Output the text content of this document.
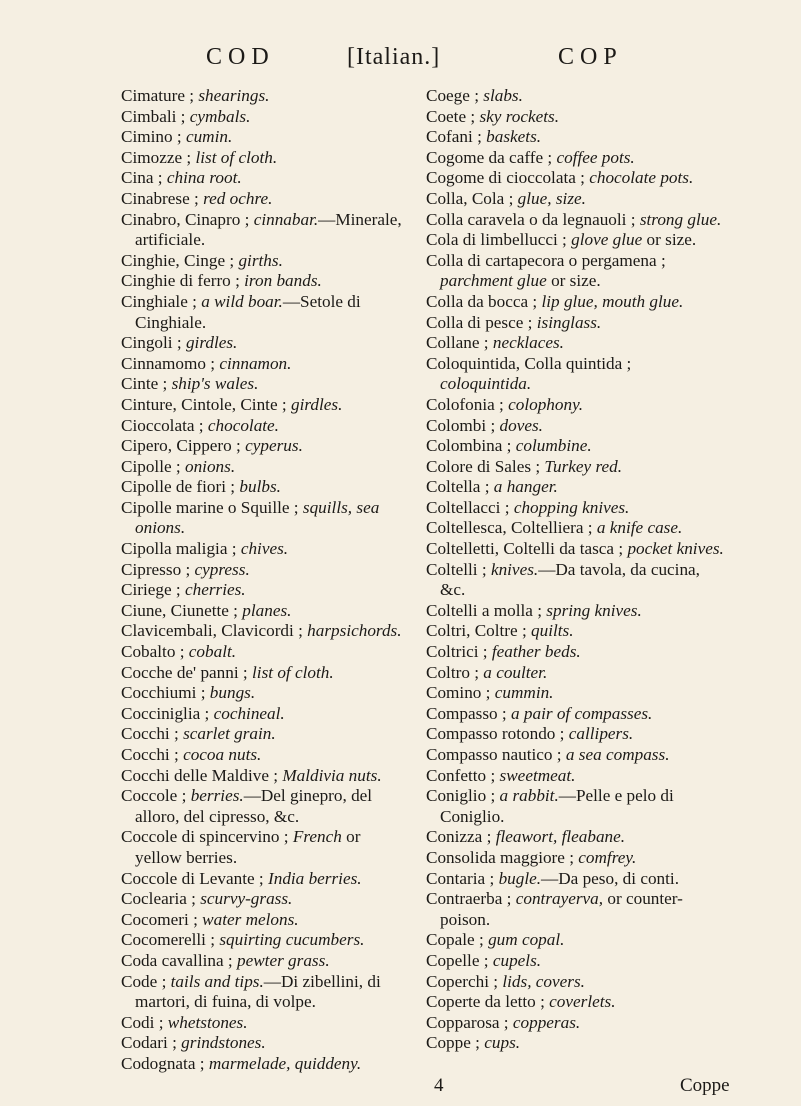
COD	[Italian.]	COP

Cimature ; shearings.

Cimbali ; cymbals.

Cimino ; cumin.

Cimozze ; list of cloth.

Cina ; china root.

Cinabrese ; red ochre.

Cinabro, Cinapro ; cinnabar.—Minerale, artificiale.

Cinghie, Cinge ; girths.

Cinghie di ferro ; iron bands.

Cinghiale ; a wild boar.—Setole di Cinghiale.

Cingoli ; girdles.

Cinnamomo ; cinnamon.

Cinte ; ship's wales.

Cinture, Cintole, Cinte ; girdles.

Cioccolata ; chocolate.

Cipero, Cippero ; cyperus.

Cipolle ; onions.

Cipolle de fiori ; bulbs.

Cipolle marine o Squille ; squills, sea onions.

Cipolla maligia ; chives.

Cipresso ; cypress.

Ciriege ; cherries.

Ciune, Ciunette ; planes.

Clavicembali, Clavicordi ; harpsichords.

Cobalto ; cobalt.

Cocche de' panni ; list of cloth.

Cocchiumi ; bungs.

Cocciniglia ; cochineal.

Cocchi ; scarlet grain.

Cocchi ; cocoa nuts.

Cocchi delle Maldive ; Maldivia nuts.

Coccole ; berries.—Del ginepro, del alloro, del cipresso, &c.

Coccole di spincervino ; French or yellow berries.

Coccole di Levante ; India berries.

Coclearia ; scurvy-grass.

Cocomeri ; water melons.

Cocomerelli ; squirting cucumbers.

Coda cavallina ; pewter grass.

Code ; tails and tips.—Di zibellini, di martori, di fuina, di volpe.

Codi ; whetstones.

Codari ; grindstones.

Codognata ; marmelade, quiddeny.

Coege ; slabs.

Coete ; sky rockets.

Cofani ; baskets.

Cogome da caffe ; coffee pots.

Cogome di cioccolata ; chocolate pots.

Colla, Cola ; glue, size.

Colla caravela o da legnauoli ; strong glue.

Cola di limbellucci ; glove glue or size.

Colla di cartapecora o pergamena ; parchment glue or size.

Colla da bocca ; lip glue, mouth glue.

Colla di pesce ; isinglass.

Collane ; necklaces.

Coloquintida, Colla quintida ; coloquintida.

Colofonia ; colophony.

Colombi ; doves.

Colombina ; columbine.

Colore di Sales ; Turkey red.

Coltella ; a hanger.

Coltellacci ; chopping knives.

Coltellesca, Coltelliera ; a knife case.

Coltelletti, Coltelli da tasca ; pocket knives.

Coltelli ; knives.—Da tavola, da cucina, &c.

Coltelli a molla ; spring knives.

Coltri, Coltre ; quilts.

Coltrici ; feather beds.

Coltro ; a coulter.

Comino ; cummin.

Compasso ; a pair of compasses.

Compasso rotondo ; callipers.

Compasso nautico ; a sea compass.

Confetto ; sweetmeat.

Coniglio ; a rabbit.—Pelle e pelo di Coniglio.

Conizza ; fleawort, fleabane.

Consolida maggiore ; comfrey.

Contaria ; bugle.—Da peso, di conti.

Contraerba ; contrayerva, or counter-poison.

Copale ; gum copal.

Copelle ; cupels.

Coperchi ; lids, covers.

Coperte da letto ; coverlets.

Copparosa ; copperas.

Coppe ; cups.

4	Coppe
